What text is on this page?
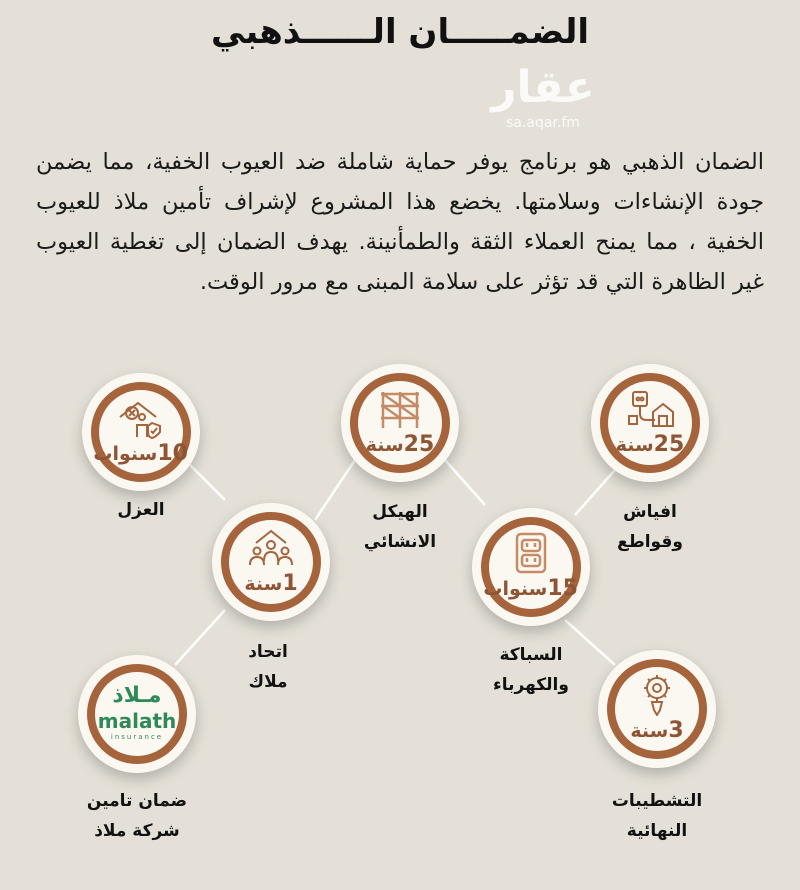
الضمـــــان الــــــذهبي
عقار
sa.aqar.fm
الضمان الذهبي هو برنامج يوفر حماية شاملة ضد العيوب الخفية، مما يضمن جودة الإنشاءات وسلامتها. يخضع هذا المشروع لإشراف تأمين ملاذ للعيوب الخفية ، مما يمنح العملاء الثقة والطمأنينة. يهدف الضمان إلى تغطية العيوب غير الظاهرة التي قد تؤثر على سلامة المبنى مع مرور الوقت.
10سنوات	25سنة	25سنة
1سنة	15سنوات
3سنة
مـلاذ
malath
insurance
العزل	الهيكل
الانشائي
افياش
وقواطع
اتحاد
ملاك
السباكة
والكهرباء
التشطيبات
النهائية
ضمان تامين
شركة ملاذ
